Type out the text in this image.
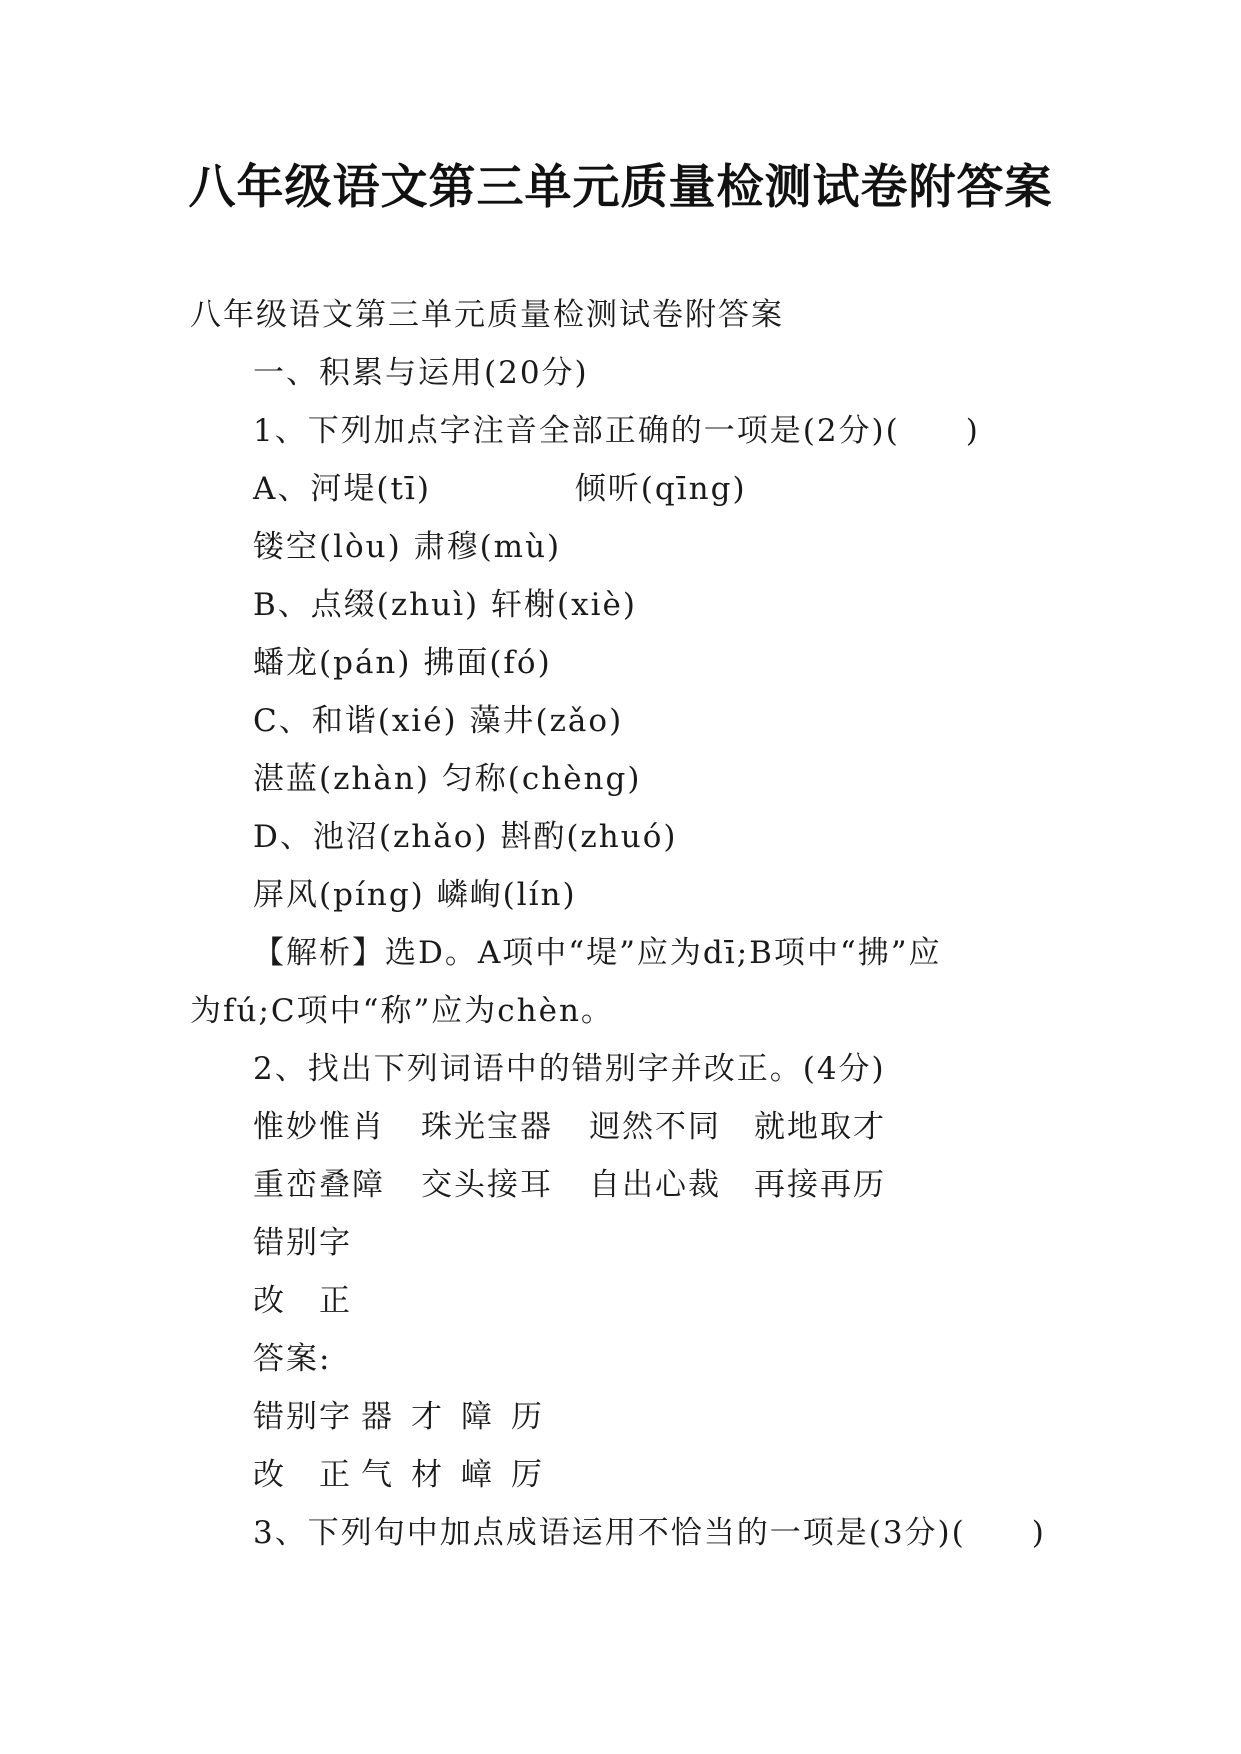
八年级语文第三单元质量检测试卷附答案
八年级语文第三单元质量检测试卷附答案
一、积累与运用(20分)
1、下列加点字注音全部正确的一项是(2分)(　　)
A、河堤(tī)　　　　 倾听(qīng)
镂空(lòu) 肃穆(mù)
B、点缀(zhuì) 轩榭(xiè)
蟠龙(pán) 拂面(fó)
C、和谐(xié) 藻井(zǎo)
湛蓝(zhàn) 匀称(chèng)
D、池沼(zhǎo) 斟酌(zhuó)
屏风(píng) 嶙峋(lín)
【解析】选D。A项中“堤”应为dī;B项中“拂”应
为fú;C项中“称”应为chèn。
2、找出下列词语中的错别字并改正。(4分)
惟妙惟肖	珠光宝器	迥然不同	就地取才
重峦叠障	交头接耳	自出心裁	再接再历
错别字
改　正
答案:
错别字 器 才 障 历
改　正 气 材 嶂 厉
3、下列句中加点成语运用不恰当的一项是(3分)(　　)
